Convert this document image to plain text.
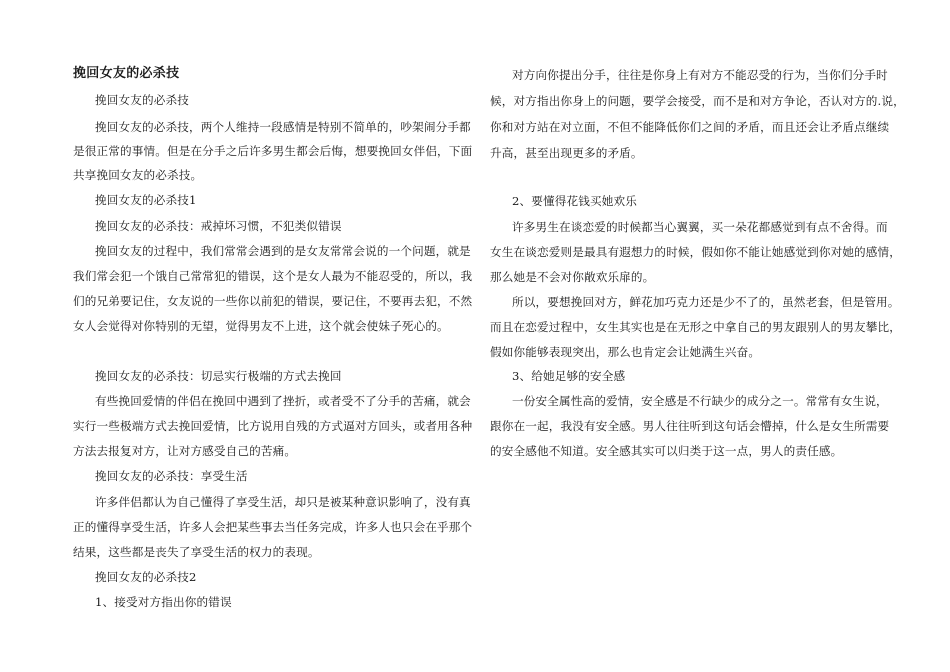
挽回女友的必杀技
挽回女友的必杀技
挽回女友的必杀技，两个人维持一段感情是特别不简单的，吵架闹分手都
是很正常的事情。但是在分手之后许多男生都会后悔，想要挽回女伴侣，下面
共享挽回女友的必杀技。
挽回女友的必杀技1
挽回女友的必杀技：戒掉坏习惯，不犯类似错误
挽回女友的过程中，我们常常会遇到的是女友常常会说的一个问题，就是
我们常会犯一个饿自己常常犯的错误，这个是女人最为不能忍受的，所以，我
们的兄弟要记住，女友说的一些你以前犯的错误，要记住，不要再去犯，不然
女人会觉得对你特别的无望，觉得男友不上进，这个就会使妹子死心的。
挽回女友的必杀技：切忌实行极端的方式去挽回
有些挽回爱情的伴侣在挽回中遇到了挫折，或者受不了分手的苦痛，就会
实行一些极端方式去挽回爱情，比方说用自残的方式逼对方回头，或者用各种
方法去报复对方，让对方感受自己的苦痛。
挽回女友的必杀技：享受生活
许多伴侣都认为自己懂得了享受生活，却只是被某种意识影响了，没有真
正的懂得享受生活，许多人会把某些事去当任务完成，许多人也只会在乎那个
结果，这些都是丧失了享受生活的权力的表现。
挽回女友的必杀技2
1、接受对方指出你的错误
对方向你提出分手，往往是你身上有对方不能忍受的行为，当你们分手时
候，对方指出你身上的问题，要学会接受，而不是和对方争论，否认对方的.说，
你和对方站在对立面，不但不能降低你们之间的矛盾，而且还会让矛盾点继续
升高，甚至出现更多的矛盾。
2、要懂得花钱买她欢乐
许多男生在谈恋爱的时候都当心翼翼，买一朵花都感觉到有点不舍得。而
女生在谈恋爱则是最具有遐想力的时候，假如你不能让她感觉到你对她的感情，
那么她是不会对你敞欢乐扉的。
所以，要想挽回对方，鲜花加巧克力还是少不了的，虽然老套，但是管用。
而且在恋爱过程中，女生其实也是在无形之中拿自己的男友跟别人的男友攀比，
假如你能够表现突出，那么也肯定会让她满生兴奋。
3、给她足够的安全感
一份安全属性高的爱情，安全感是不行缺少的成分之一。常常有女生说，
跟你在一起，我没有安全感。男人往往听到这句话会懵掉，什么是女生所需要
的安全感他不知道。安全感其实可以归类于这一点，男人的责任感。
